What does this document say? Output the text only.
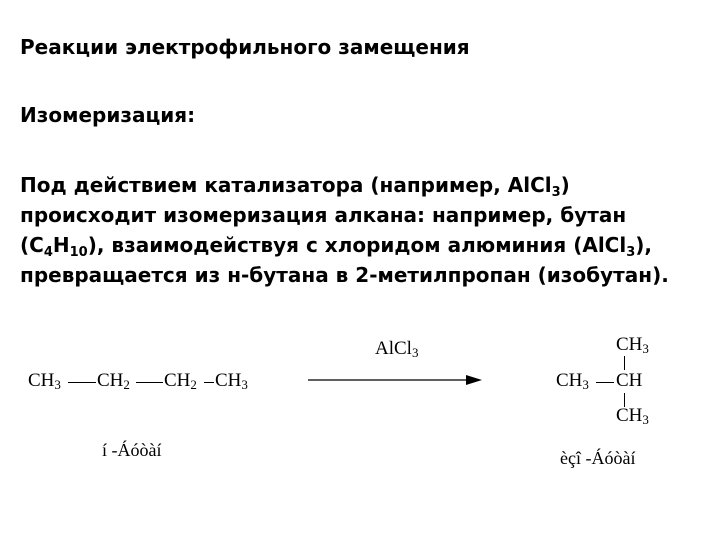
Реакции электрофильного замещения

Изомеризация:

Под действием катализатора (например, AlCl$_3$)
происходит изомеризация алкана: например, бутан
$(C_4H_{10})$, взаимодействуя с хлоридом алюминия (AlCl$_3$),
превращается из н-бутана в 2-метилпропан (изобутан).

$CH_3$ $CH_2$ $CH_2$ $CH_3$
í -Áóòàí
AlCl$_3$	$CH_3$
$CH_3$ CH
$CH_3$
èçî -Áóòàí
